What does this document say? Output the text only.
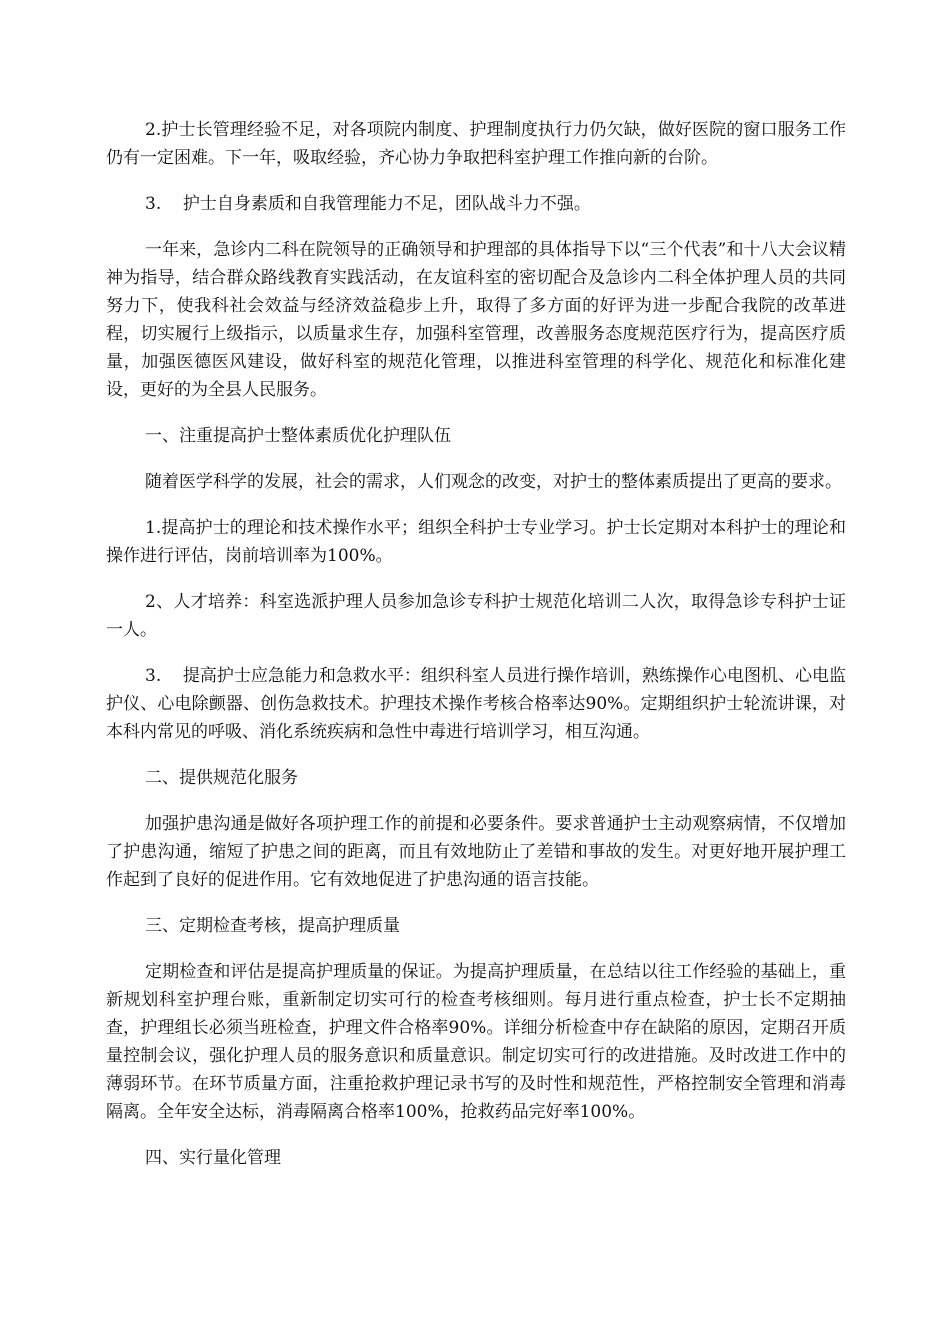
2.护士长管理经验不足，对各项院内制度、护理制度执行力仍欠缺，做好医院的窗口服务工作仍有一定困难。下一年，吸取经验，齐心协力争取把科室护理工作推向新的台阶。

3.    护士自身素质和自我管理能力不足，团队战斗力不强。

一年来，急诊内二科在院领导的正确领导和护理部的具体指导下以“三个代表”和十八大会议精神为指导，结合群众路线教育实践活动，在友谊科室的密切配合及急诊内二科全体护理人员的共同努力下，使我科社会效益与经济效益稳步上升，取得了多方面的好评为进一步配合我院的改革进程，切实履行上级指示，以质量求生存，加强科室管理，改善服务态度规范医疗行为，提高医疗质量，加强医德医风建设，做好科室的规范化管理，以推进科室管理的科学化、规范化和标准化建设，更好的为全县人民服务。

一、注重提高护士整体素质优化护理队伍

随着医学科学的发展，社会的需求，人们观念的改变，对护士的整体素质提出了更高的要求。

1.提高护士的理论和技术操作水平；组织全科护士专业学习。护士长定期对本科护士的理论和操作进行评估，岗前培训率为100%。

2、人才培养：科室选派护理人员参加急诊专科护士规范化培训二人次，取得急诊专科护士证一人。

3.    提高护士应急能力和急救水平：组织科室人员进行操作培训，熟练操作心电图机、心电监护仪、心电除颤器、创伤急救技术。护理技术操作考核合格率达90%。定期组织护士轮流讲课，对本科内常见的呼吸、消化系统疾病和急性中毒进行培训学习，相互沟通。

二、提供规范化服务

加强护患沟通是做好各项护理工作的前提和必要条件。要求普通护士主动观察病情，不仅增加了护患沟通，缩短了护患之间的距离，而且有效地防止了差错和事故的发生。对更好地开展护理工作起到了良好的促进作用。它有效地促进了护患沟通的语言技能。

三、定期检查考核，提高护理质量

定期检查和评估是提高护理质量的保证。为提高护理质量，在总结以往工作经验的基础上，重新规划科室护理台账，重新制定切实可行的检查考核细则。每月进行重点检查，护士长不定期抽查，护理组长必须当班检查，护理文件合格率90%。详细分析检查中存在缺陷的原因，定期召开质量控制会议，强化护理人员的服务意识和质量意识。制定切实可行的改进措施。及时改进工作中的薄弱环节。在环节质量方面，注重抢救护理记录书写的及时性和规范性，严格控制安全管理和消毒隔离。全年安全达标，消毒隔离合格率100%，抢救药品完好率100%。

四、实行量化管理
